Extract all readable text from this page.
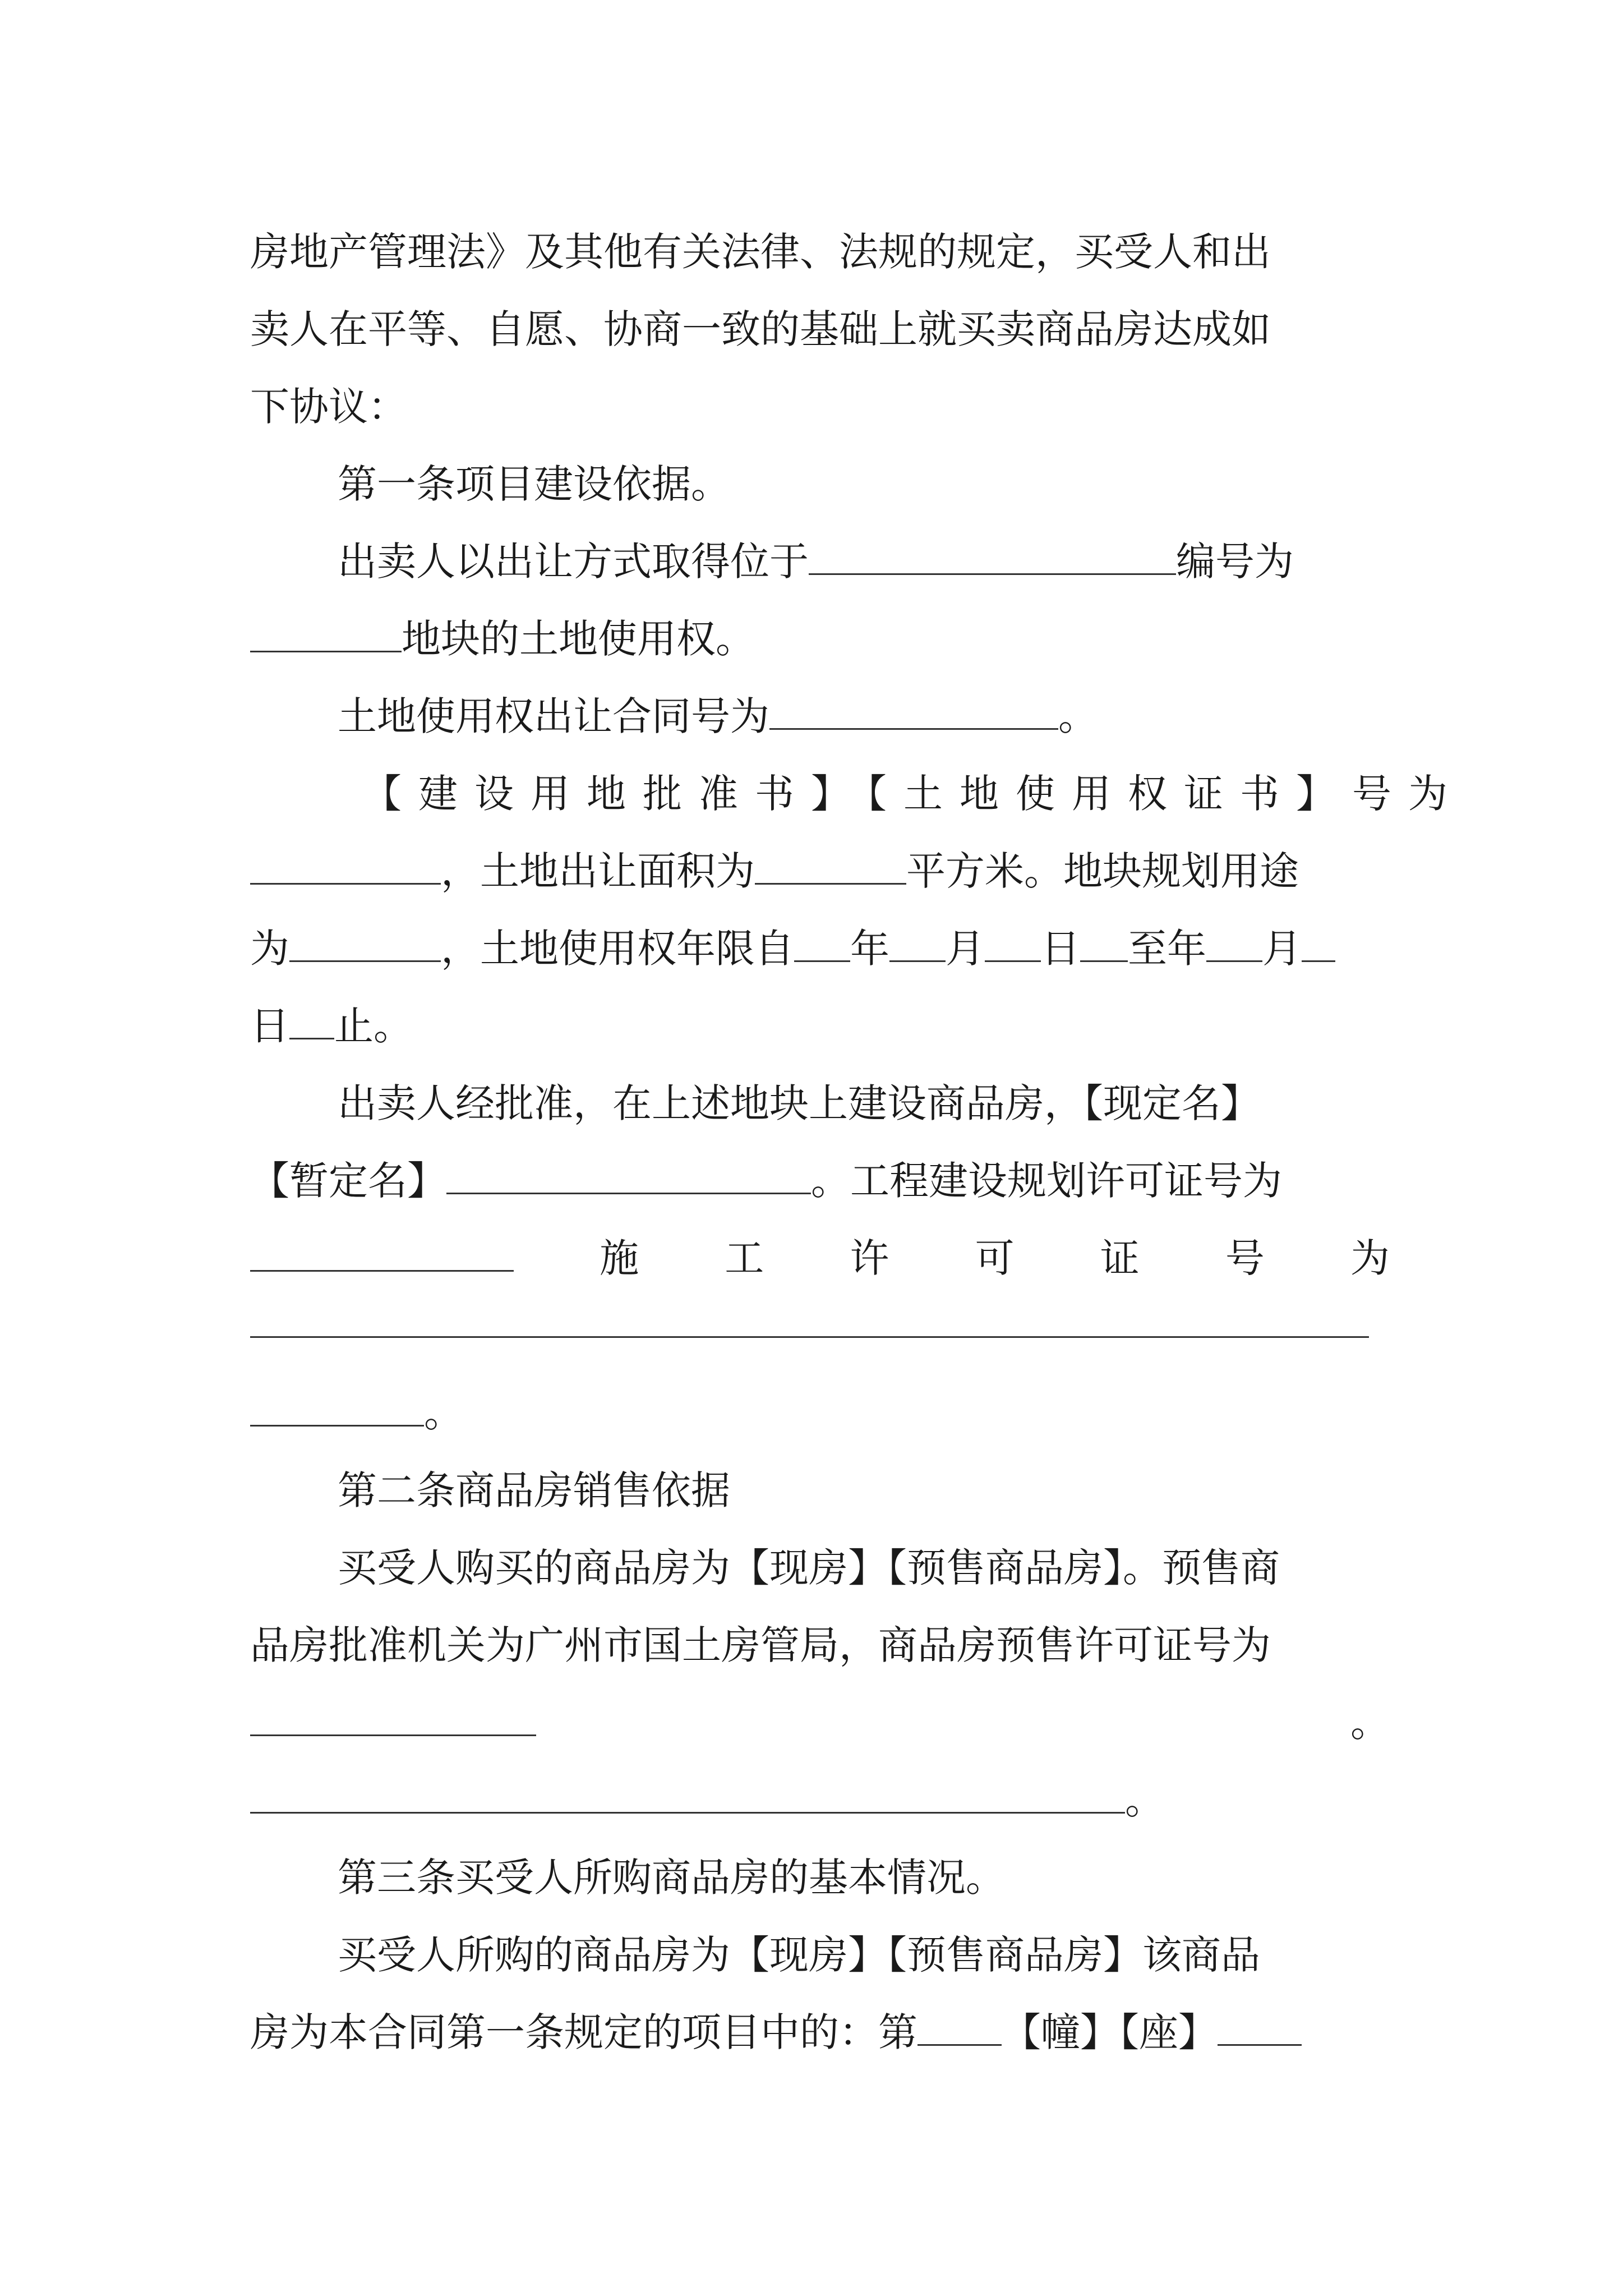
房地产管理法》及其他有关法律、法规的规定，买受人和出
卖人在平等、自愿、协商一致的基础上就买卖商品房达成如
下协议：
第一条项目建设依据。
出卖人以出让方式取得位于	编号为
地块的土地使用权。
土地使用权出让合同号为	。
【建设用地批准书】【土地使用权证书】 号为
，土地出让面积为	平方米。地块规划用途
为	，土地使用权年限自 年 月 日 至年 月
日 止。
出卖人经批准，在上述地块上建设商品房，【现定名】
【暂定名】	。工程建设规划许可证号为
施 工 许 可 证 号 为
。
第二条商品房销售依据
买受人购买的商品房为【现房】【预售商品房】。预售商
品房批准机关为广州市国土房管局，商品房预售许可证号为
。
。
第三条买受人所购商品房的基本情况。
买受人所购的商品房为【现房】【预售商品房】该商品
房为本合同第一条规定的项目中的：第 【幢】【座】
